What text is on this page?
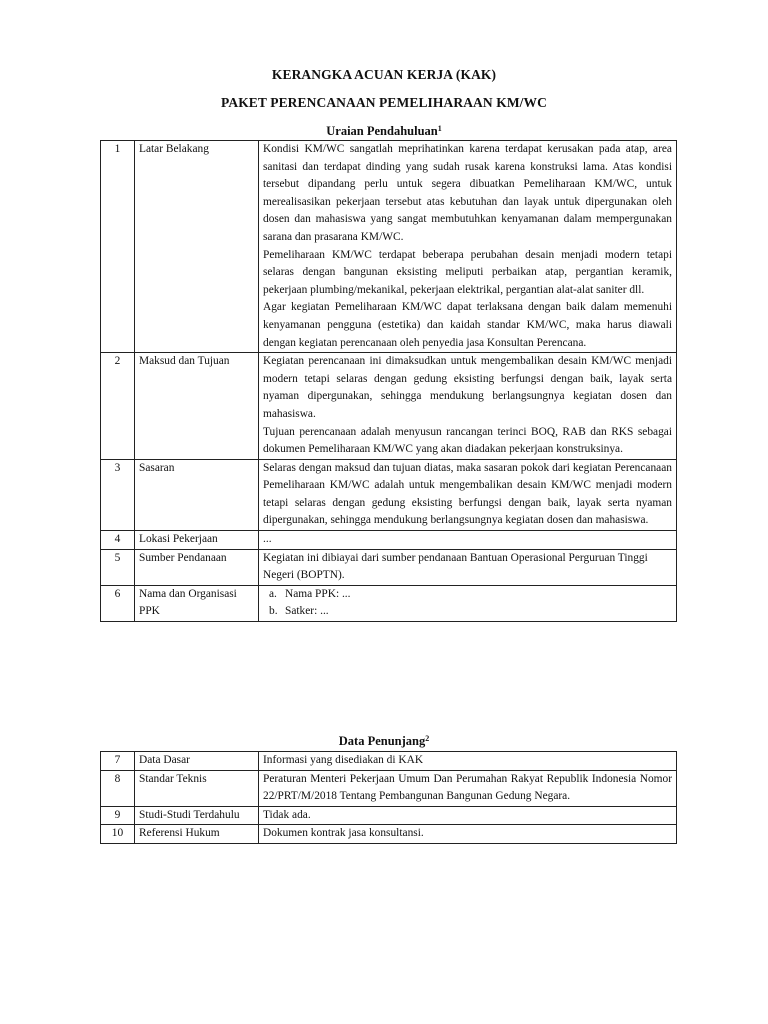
KERANGKA ACUAN KERJA (KAK)
PAKET PERENCANAAN PEMELIHARAAN KM/WC
Uraian Pendahuluan$^1$
1	Latar Belakang	Kondisi KM/WC sangatlah meprihatinkan karena terdapat kerusakan pada atap, area sanitasi dan terdapat dinding yang sudah rusak karena konstruksi lama. Atas kondisi tersebut dipandang perlu untuk segera dibuatkan Pemeliharaan KM/WC, untuk merealisasikan pekerjaan tersebut atas kebutuhan dan layak untuk dipergunakan oleh dosen dan mahasiswa yang sangat membutuhkan kenyamanan dalam mempergunakan sarana dan prasarana KM/WC.

Pemeliharaan KM/WC terdapat beberapa perubahan desain menjadi modern tetapi selaras dengan bangunan eksisting meliputi perbaikan atap, pergantian keramik, pekerjaan plumbing/mekanikal, pekerjaan elektrikal, pergantian alat-alat saniter dll.

Agar kegiatan Pemeliharaan KM/WC dapat terlaksana dengan baik dalam memenuhi kenyamanan pengguna (estetika) dan kaidah standar KM/WC, maka harus diawali dengan kegiatan perencanaan oleh penyedia jasa Konsultan Perencana.

2	Maksud dan Tujuan	Kegiatan perencanaan ini dimaksudkan untuk mengembalikan desain KM/WC menjadi modern tetapi selaras dengan gedung eksisting berfungsi dengan baik, layak serta nyaman dipergunakan, sehingga mendukung berlangsungnya kegiatan dosen dan mahasiswa.

Tujuan perencanaan adalah menyusun rancangan terinci BOQ, RAB dan RKS sebagai dokumen Pemeliharaan KM/WC yang akan diadakan pekerjaan konstruksinya.

3	Sasaran	Selaras dengan maksud dan tujuan diatas, maka sasaran pokok dari kegiatan Perencanaan Pemeliharaan KM/WC adalah untuk mengembalikan desain KM/WC menjadi modern tetapi selaras dengan gedung eksisting berfungsi dengan baik, layak serta nyaman dipergunakan, sehingga mendukung berlangsungnya kegiatan dosen dan mahasiswa.

4	Lokasi Pekerjaan	...

5	Sumber Pendanaan	Kegiatan ini dibiayai dari sumber pendanaan Bantuan Operasional Perguruan Tinggi Negeri (BOPTN).

6	Nama dan Organisasi PPK	a. Nama PPK: ...
b. Satker: ...
Data Penunjang$^2$
7	Data Dasar	Informasi yang disediakan di KAK
8	Standar Teknis	Peraturan Menteri Pekerjaan Umum Dan Perumahan Rakyat Republik Indonesia Nomor 22/PRT/M/2018 Tentang Pembangunan Bangunan Gedung Negara.
9	Studi-Studi Terdahulu	Tidak ada.
10	Referensi Hukum	Dokumen kontrak jasa konsultansi.
